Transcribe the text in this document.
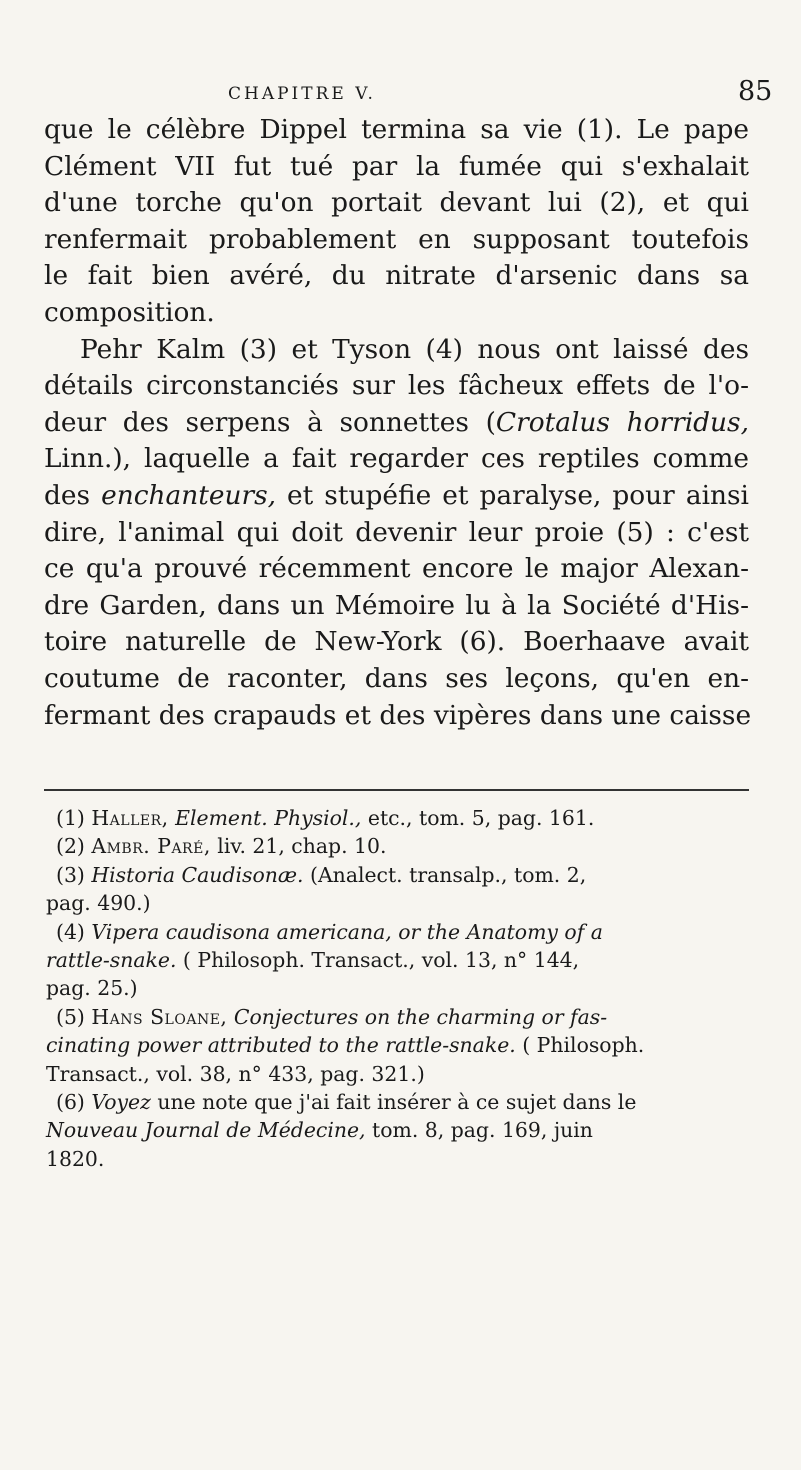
CHAPITRE V.	85
que le célèbre Dippel termina sa vie (1). Le pape
Clément VII fut tué par la fumée qui s'exhalait
d'une torche qu'on portait devant lui (2), et qui
renfermait probablement en supposant toutefois
le fait bien avéré, du nitrate d'arsenic dans sa
composition.
Pehr Kalm (3) et Tyson (4) nous ont laissé des
détails circonstanciés sur les fâcheux effets de l'o-
deur des serpens à sonnettes (Crotalus horridus,
Linn.), laquelle a fait regarder ces reptiles comme
des enchanteurs, et stupéfie et paralyse, pour ainsi
dire, l'animal qui doit devenir leur proie (5) : c'est
ce qu'a prouvé récemment encore le major Alexan-
dre Garden, dans un Mémoire lu à la Société d'His-
toire naturelle de New-York (6). Boerhaave avait
coutume de raconter, dans ses leçons, qu'en en-
fermant des crapauds et des vipères dans une caisse
(1) Haller, Element. Physiol., etc., tom. 5, pag. 161.
(2) Ambr. Paré, liv. 21, chap. 10.
(3) Historia Caudisonæ. (Analect. transalp., tom. 2,
pag. 490.)
(4) Vipera caudisona americana, or the Anatomy of a
rattle-snake. ( Philosoph. Transact., vol. 13, n° 144,
pag. 25.)
(5) Hans Sloane, Conjectures on the charming or fas-
cinating power attributed to the rattle-snake. ( Philosoph.
Transact., vol. 38, n° 433, pag. 321.)
(6) Voyez une note que j'ai fait insérer à ce sujet dans le
Nouveau Journal de Médecine, tom. 8, pag. 169, juin
1820.
